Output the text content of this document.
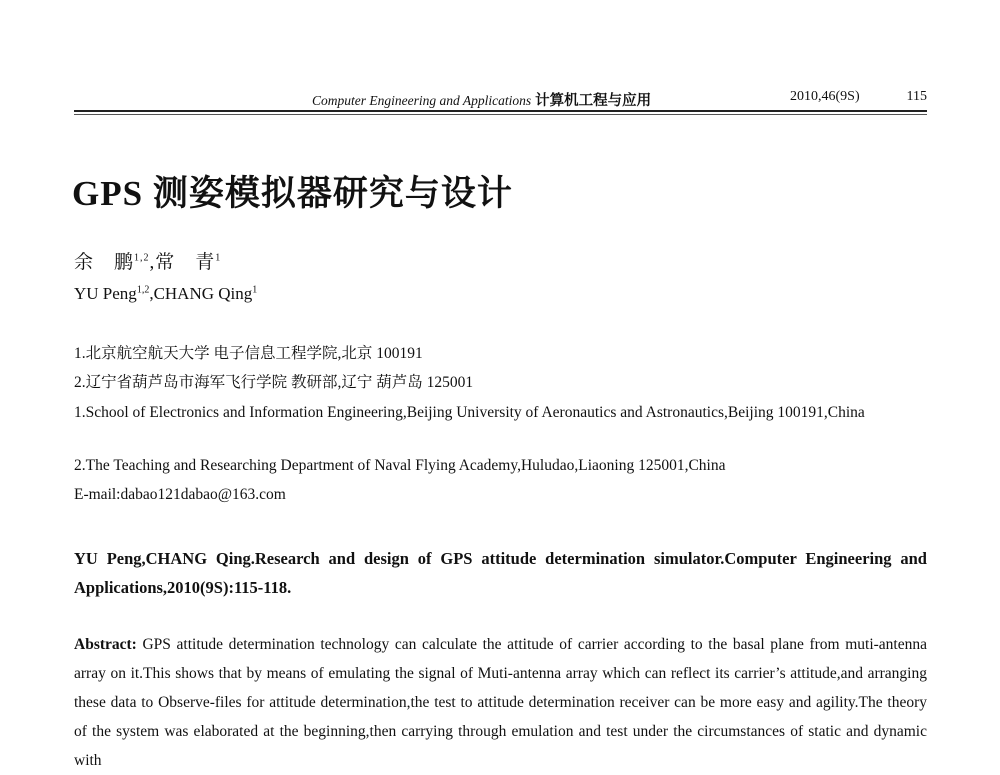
Computer Engineering and Applications 计算机工程与应用	2010,46(9S)	115
GPS 测姿模拟器研究与设计
余　鹏$^{1,2}$,常　青$^1$
YU Peng$^{1,2}$,CHANG Qing$^1$
1.北京航空航天大学 电子信息工程学院,北京 100191
2.辽宁省葫芦岛市海军飞行学院 教研部,辽宁 葫芦岛 125001
1.School of Electronics and Information Engineering,Beijing University of Aeronautics and Astronautics,Beijing 100191,China
2.The Teaching and Researching Department of Naval Flying Academy,Huludao,Liaoning 125001,China
E-mail:dabao121dabao@163.com
YU Peng,CHANG Qing.Research and design of GPS attitude determination simulator.Computer Engineering and Applications,2010(9S):115-118.
Abstract: GPS attitude determination technology can calculate the attitude of carrier according to the basal plane from muti-antenna array on it.This shows that by means of emulating the signal of Muti-antenna array which can reflect its carrier’s attitude,and arranging these data to Observe-files for attitude determination,the test to attitude determination receiver can be more easy and agility.The theory of the system was elaborated at the beginning,then carrying through emulation and test under the circumstances of static and dynamic with
